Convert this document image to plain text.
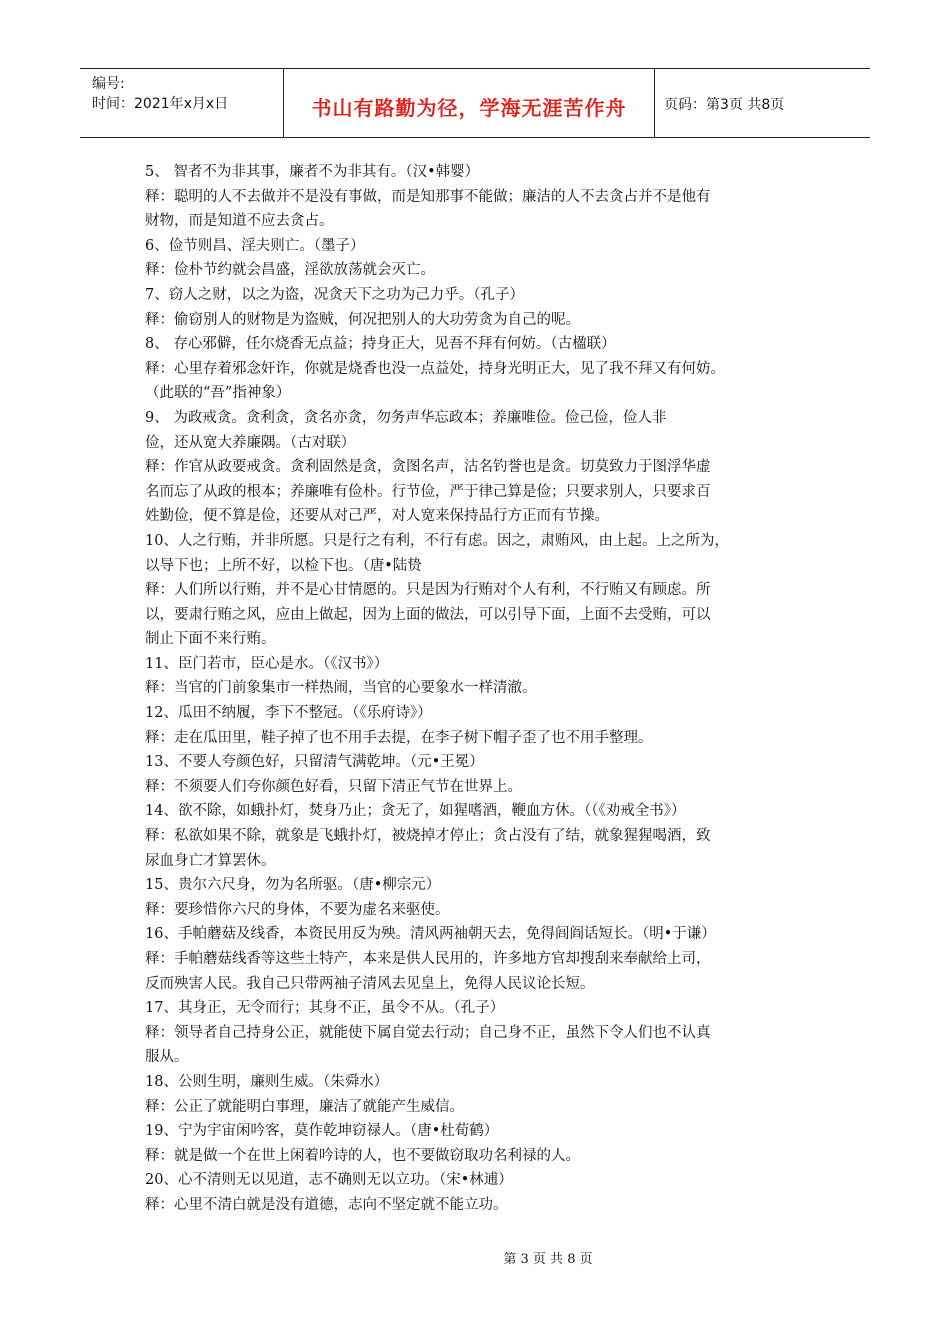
编号:
时间：2021年x月x日	书山有路勤为径，学海无涯苦作舟	页码：第3页 共8页
5、 智者不为非其事，廉者不为非其有。（汉•韩婴）
释：聪明的人不去做并不是没有事做，而是知那事不能做；廉洁的人不去贪占并不是他有
财物，而是知道不应去贪占。
6、俭节则昌、淫夫则亡。（墨子）
释：俭朴节约就会昌盛，淫欲放荡就会灭亡。
7、窃人之财，以之为盗，况贪天下之功为己力乎。（孔子）
释：偷窃别人的财物是为盗贼，何况把别人的大功劳贪为自己的呢。
8、 存心邪僻，任尔烧香无点益；持身正大，见吾不拜有何妨。（古楹联）
释：心里存着邪念奸诈，你就是烧香也没一点益处，持身光明正大，见了我不拜又有何妨。
（此联的“吾”指神象）
9、 为政戒贪。贪利贪，贪名亦贪，勿务声华忘政本；养廉唯俭。俭己俭，俭人非
俭，还从宽大养廉隅。（古对联）
释：作官从政要戒贪。贪利固然是贪，贪图名声，沽名钓誉也是贪。切莫致力于图浮华虚
名而忘了从政的根本；养廉唯有俭朴。行节俭，严于律己算是俭；只要求别人，只要求百
姓勤俭，便不算是俭，还要从对己严，对人宽来保持品行方正而有节操。
10、人之行贿，并非所愿。只是行之有利，不行有虑。因之，肃贿风，由上起。上之所为，
以导下也；上所不好，以检下也。（唐•陆贽
释：人们所以行贿，并不是心甘情愿的。只是因为行贿对个人有利，不行贿又有顾虑。所
以，要肃行贿之风，应由上做起，因为上面的做法，可以引导下面，上面不去受贿，可以
制止下面不来行贿。
11、臣门若市，臣心是水。（《汉书》）
释：当官的门前象集市一样热闹，当官的心要象水一样清澈。
12、瓜田不纳履，李下不整冠。（《乐府诗》）
释：走在瓜田里，鞋子掉了也不用手去提，在李子树下帽子歪了也不用手整理。
13、不要人夸颜色好，只留清气满乾坤。（元•王冕）
释：不须要人们夸你颜色好看，只留下清正气节在世界上。
14、欲不除，如蛾扑灯，焚身乃止；贪无了，如猩嗜酒，鞭血方休。（（《劝戒全书》）
释：私欲如果不除，就象是飞蛾扑灯，被烧掉才停止；贪占没有了结，就象猩猩喝酒，致
尿血身亡才算罢休。
15、贵尔六尺身，勿为名所驱。（唐•柳宗元）
释：要珍惜你六尺的身体，不要为虚名来驱使。
16、手帕蘑菇及线香，本资民用反为殃。清风两袖朝天去，免得闾阎话短长。（明•于谦）
释：手帕蘑菇线香等这些土特产，本来是供人民用的，许多地方官却搜刮来奉献给上司，
反而殃害人民。我自己只带两袖子清风去见皇上，免得人民议论长短。
17、其身正，无令而行；其身不正，虽令不从。（孔子）
释：领导者自己持身公正，就能使下属自觉去行动；自己身不正，虽然下令人们也不认真
服从。
18、公则生明，廉则生威。（朱舜水）
释：公正了就能明白事理，廉洁了就能产生威信。
19、宁为宇宙闲吟客，莫作乾坤窃禄人。（唐•杜荀鹤）
释：就是做一个在世上闲着吟诗的人，也不要做窃取功名利禄的人。
20、心不清则无以见道，志不确则无以立功。（宋•林逋）
释：心里不清白就是没有道德，志向不坚定就不能立功。
第 3 页 共 8 页
